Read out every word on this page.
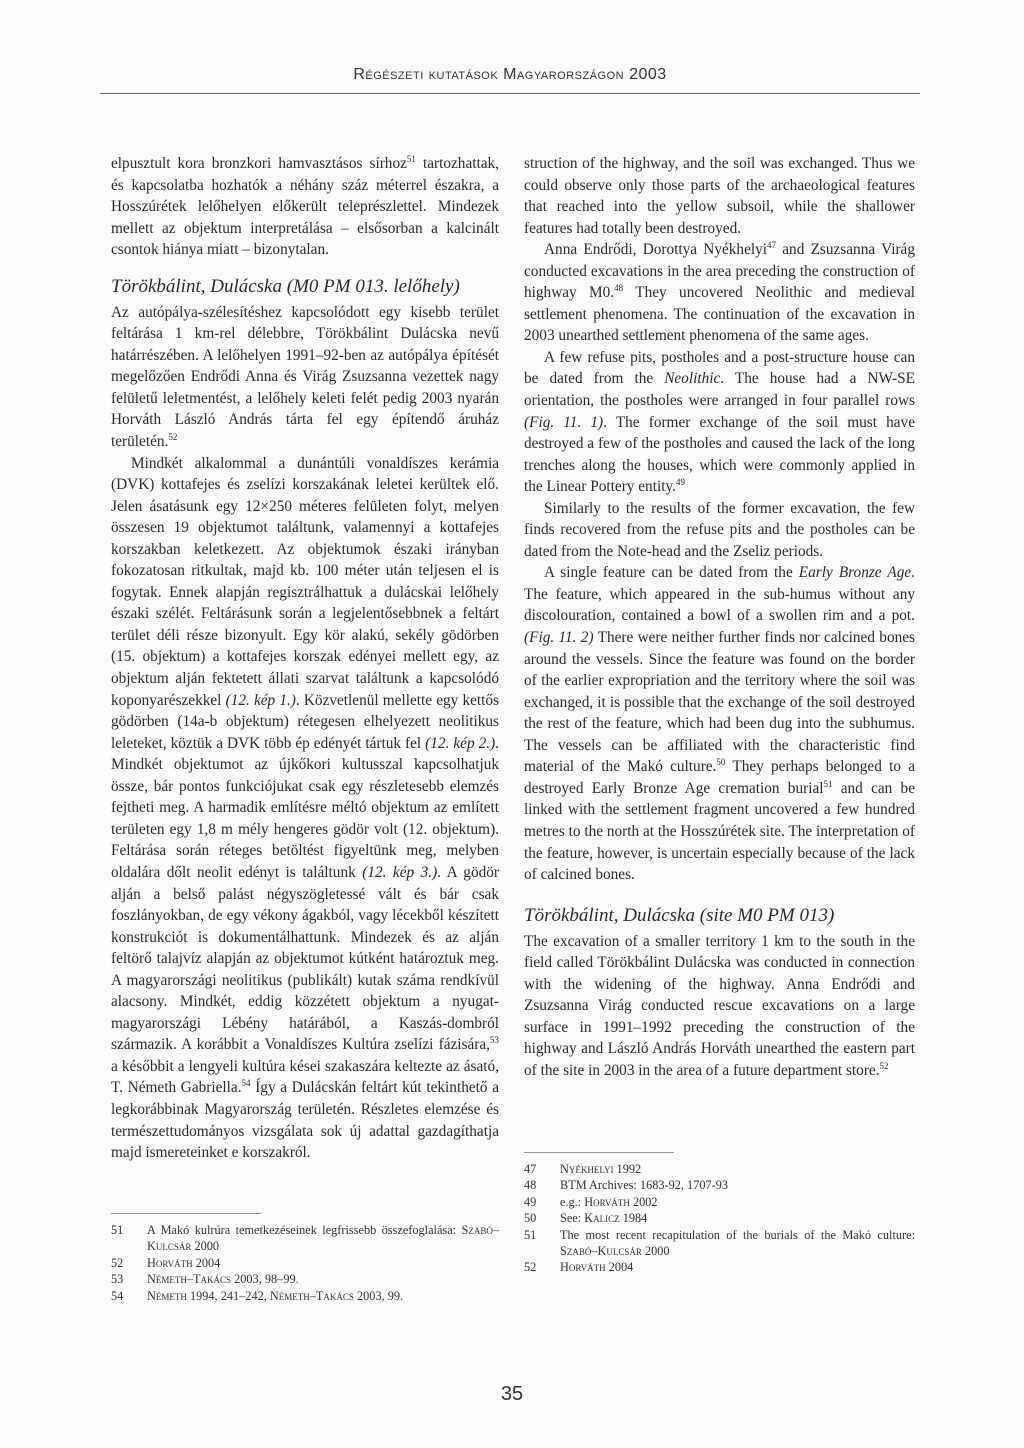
Régészeti kutatások Magyarországon 2003

elpusztult kora bronzkori hamvasztásos sírhoz$^{51}$ tartozhattak, és kapcsolatba hozhatók a néhány száz méterrel északra, a Hosszúrétek lelőhelyen előkerült teleprészlettel. Mindezek mellett az objektum interpretálása – elsősorban a kalcinált csontok hiánya miatt – bizonytalan.

Törökbálint, Dulácska (M0 PM 013. lelőhely)

Az autópálya-szélesítéshez kapcsolódott egy kisebb terület feltárása 1 km-rel délebbre, Törökbálint Dulácska nevű határrészében. A lelőhelyen 1991–92-ben az autópálya építését megelőzően Endrődi Anna és Virág Zsuzsanna vezettek nagy felületű leletmentést, a lelőhely keleti felét pedig 2003 nyarán Horváth László András tárta fel egy építendő áruház területén.$^{52}$

Mindkét alkalommal a dunántúli vonaldíszes kerámia (DVK) kottafejes és zselízi korszakának leletei kerültek elő. Jelen ásatásunk egy 12×250 méteres felületen folyt, melyen összesen 19 objektumot találtunk, valamennyi a kottafejes korszakban keletkezett. Az objektumok északi irányban fokozatosan ritkultak, majd kb. 100 méter után teljesen el is fogytak. Ennek alapján regisztrálhattuk a dulácskai lelőhely északi szélét. Feltárásunk során a legjelentősebbnek a feltárt terület déli része bizonyult. Egy kör alakú, sekély gödörben (15. objektum) a kottafejes korszak edényei mellett egy, az objektum alján fektetett állati szarvat találtunk a kapcsolódó koponyarészekkel (12. kép 1.). Közvetlenül mellette egy kettős gödörben (14a-b objektum) rétegesen elhelyezett neolitikus leleteket, köztük a DVK több ép edényét tártuk fel (12. kép 2.). Mindkét objektumot az újkőkori kultusszal kapcsolhatjuk össze, bár pontos funkciójukat csak egy részletesebb elemzés fejtheti meg. A harmadik említésre méltó objektum az említett területen egy 1,8 m mély hengeres gödör volt (12. objektum). Feltárása során réteges betöltést figyeltünk meg, melyben oldalára dőlt neolit edényt is találtunk (12. kép 3.). A gödör alján a belső palást négyszögletessé vált és bár csak foszlányokban, de egy vékony ágakból, vagy lécekből készített konstrukciót is dokumentálhattunk. Mindezek és az alján feltörő talajvíz alapján az objektumot kútként határoztuk meg. A magyarországi neolitikus (publikált) kutak száma rendkívül alacsony. Mindkét, eddig közzétett objektum a nyugat-magyarországi Lébény határából, a Kaszás-dombról származik. A korábbit a Vonaldíszes Kultúra zselízi fázisára,$^{53}$ a későbbit a lengyeli kultúra kései szakaszára keltezte az ásató, T. Németh Gabriella.$^{54}$ Így a Dulácskán feltárt kút tekinthető a legkorábbinak Magyarország területén. Részletes elemzése és természettudományos vizsgálata sok új adattal gazdagíthatja majd ismereteinket e korszakról.

struction of the highway, and the soil was exchanged. Thus we could observe only those parts of the archaeological features that reached into the yellow subsoil, while the shallower features had totally been destroyed.

Anna Endrődi, Dorottya Nyékhelyi$^{47}$ and Zsuzsanna Virág conducted excavations in the area preceding the construction of highway M0.48 They uncovered Neolithic and medieval settlement phenomena. The continuation of the excavation in 2003 unearthed settlement phenomena of the same ages.

A few refuse pits, postholes and a post-structure house can be dated from the Neolithic. The house had a NW-SE orientation, the postholes were arranged in four parallel rows (Fig. 11. 1). The former exchange of the soil must have destroyed a few of the postholes and caused the lack of the long trenches along the houses, which were commonly applied in the Linear Pottery entity.$^{49}$

Similarly to the results of the former excavation, the few finds recovered from the refuse pits and the postholes can be dated from the Note-head and the Zseliz periods.

A single feature can be dated from the Early Bronze Age. The feature, which appeared in the sub-humus without any discolouration, contained a bowl of a swollen rim and a pot. (Fig. 11. 2) There were neither further finds nor calcined bones around the vessels. Since the feature was found on the border of the earlier expropriation and the territory where the soil was exchanged, it is possible that the exchange of the soil destroyed the rest of the feature, which had been dug into the subhumus. The vessels can be affiliated with the characteristic find material of the Makó culture.$^{50}$ They perhaps belonged to a destroyed Early Bronze Age cremation burial$^{51}$ and can be linked with the settlement fragment uncovered a few hundred metres to the north at the Hosszúrétek site. The interpretation of the feature, however, is uncertain especially because of the lack of calcined bones.

Törökbálint, Dulácska (site M0 PM 013)

The excavation of a smaller territory 1 km to the south in the field called Törökbálint Dulácska was conducted in connection with the widening of the highway. Anna Endrődi and Zsuzsanna Virág conducted rescue excavations on a large surface in 1991–1992 preceding the construction of the highway and László András Horváth unearthed the eastern part of the site in 2003 in the area of a future department store.$^{52}$

51	A Makó kulrúra temetkezéseinek legfrissebb összefoglalása: Szabó–Kulcsár 2000
52	Horváth 2004
53	Németh–Takács 2003, 98–99.
54	Németh 1994, 241–242, Németh–Takács 2003, 99.
47	Nyékhelyi 1992
48	BTM Archives: 1683-92, 1707-93
49	e.g.: Horváth 2002
50	See: Kalicz 1984
51	The most recent recapitulation of the burials of the Makó culture: Szabó–Kulcsár 2000
52	Horváth 2004
35
